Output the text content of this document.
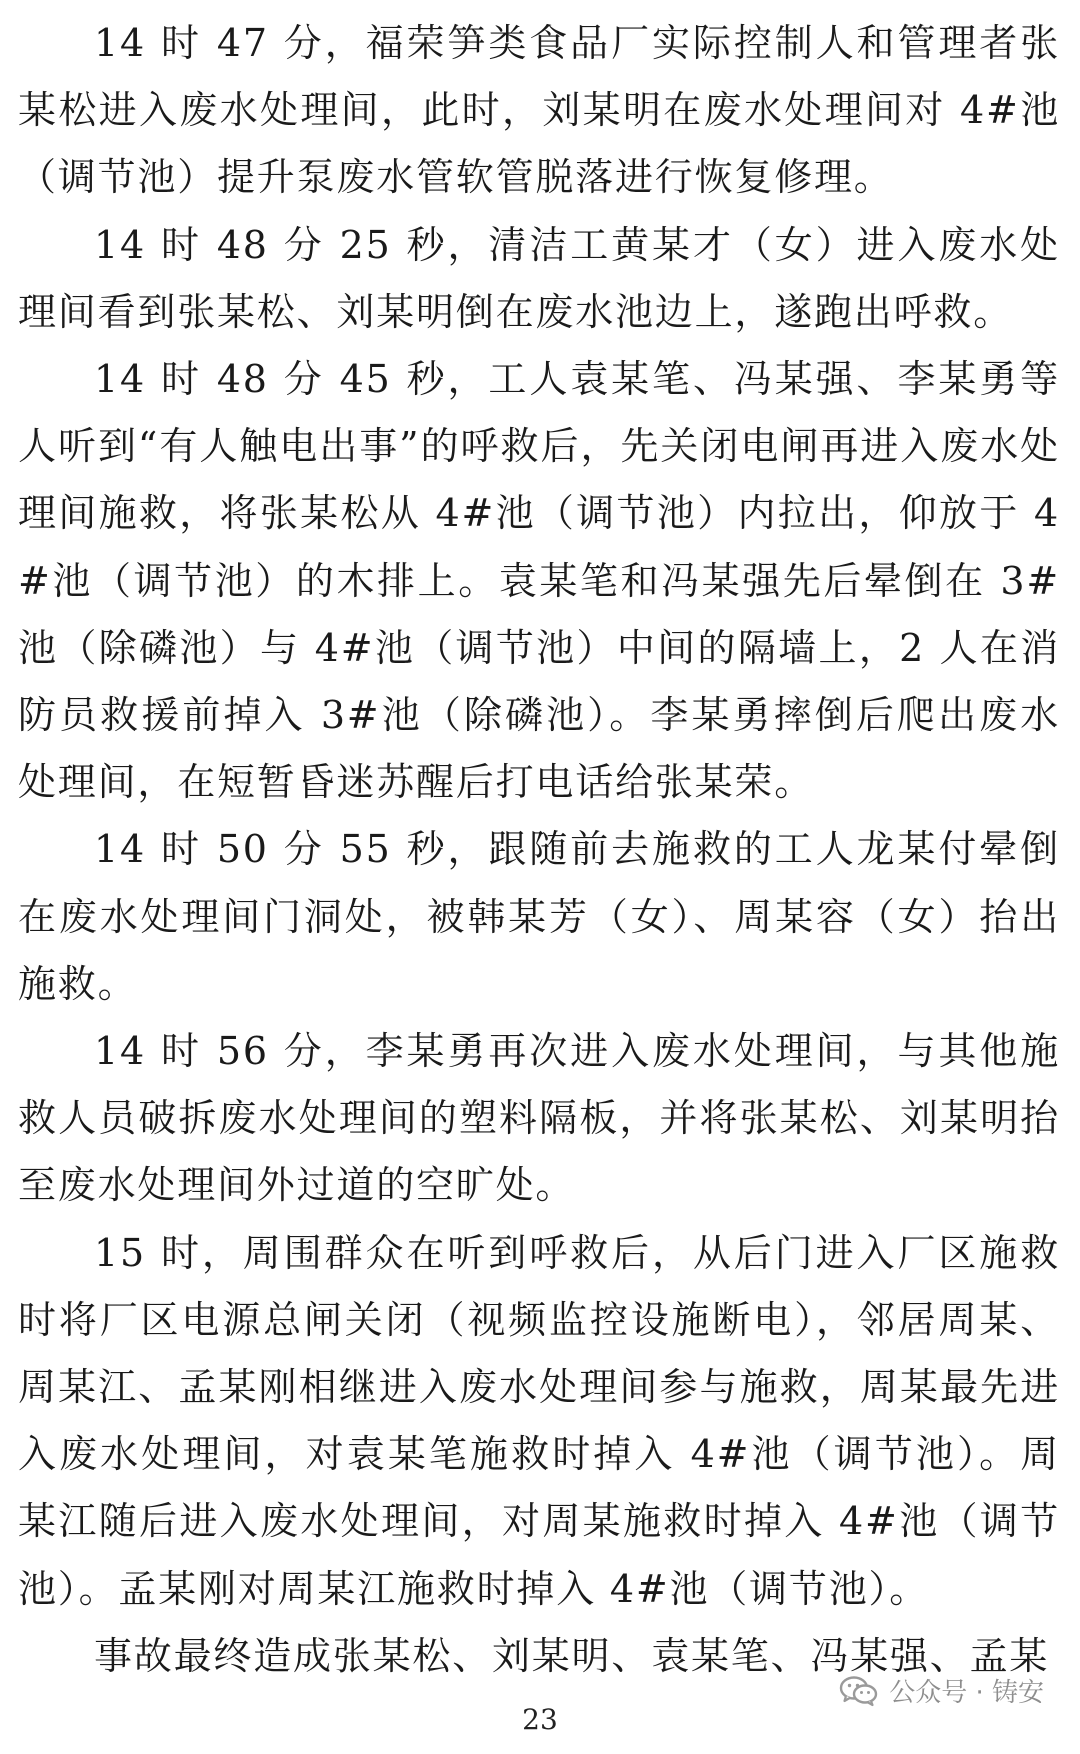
14 时 47 分，福荣笋类食品厂实际控制人和管理者张某松进入废水处理间，此时，刘某明在废水处理间对 4#池（调节池）提升泵废水管软管脱落进行恢复修理。

14 时 48 分 25 秒，清洁工黄某才（女）进入废水处理间看到张某松、刘某明倒在废水池边上，遂跑出呼救。

14 时 48 分 45 秒，工人袁某笔、冯某强、李某勇等人听到“有人触电出事”的呼救后，先关闭电闸再进入废水处理间施救，将张某松从 4#池（调节池）内拉出，仰放于 4#池（调节池）的木排上。袁某笔和冯某强先后晕倒在 3#池（除磷池）与 4#池（调节池）中间的隔墙上，2 人在消防员救援前掉入 3#池（除磷池）。李某勇摔倒后爬出废水处理间，在短暂昏迷苏醒后打电话给张某荣。

14 时 50 分 55 秒，跟随前去施救的工人龙某付晕倒在废水处理间门洞处，被韩某芳（女）、周某容（女）抬出施救。

14 时 56 分，李某勇再次进入废水处理间，与其他施救人员破拆废水处理间的塑料隔板，并将张某松、刘某明抬至废水处理间外过道的空旷处。

15 时，周围群众在听到呼救后，从后门进入厂区施救时将厂区电源总闸关闭（视频监控设施断电），邻居周某、周某江、孟某刚相继进入废水处理间参与施救，周某最先进入废水处理间，对袁某笔施救时掉入 4#池（调节池）。周某江随后进入废水处理间，对周某施救时掉入 4#池（调节池）。孟某刚对周某江施救时掉入 4#池（调节池）。

事故最终造成张某松、刘某明、袁某笔、冯某强、孟某

公众号 · 铸安
23
